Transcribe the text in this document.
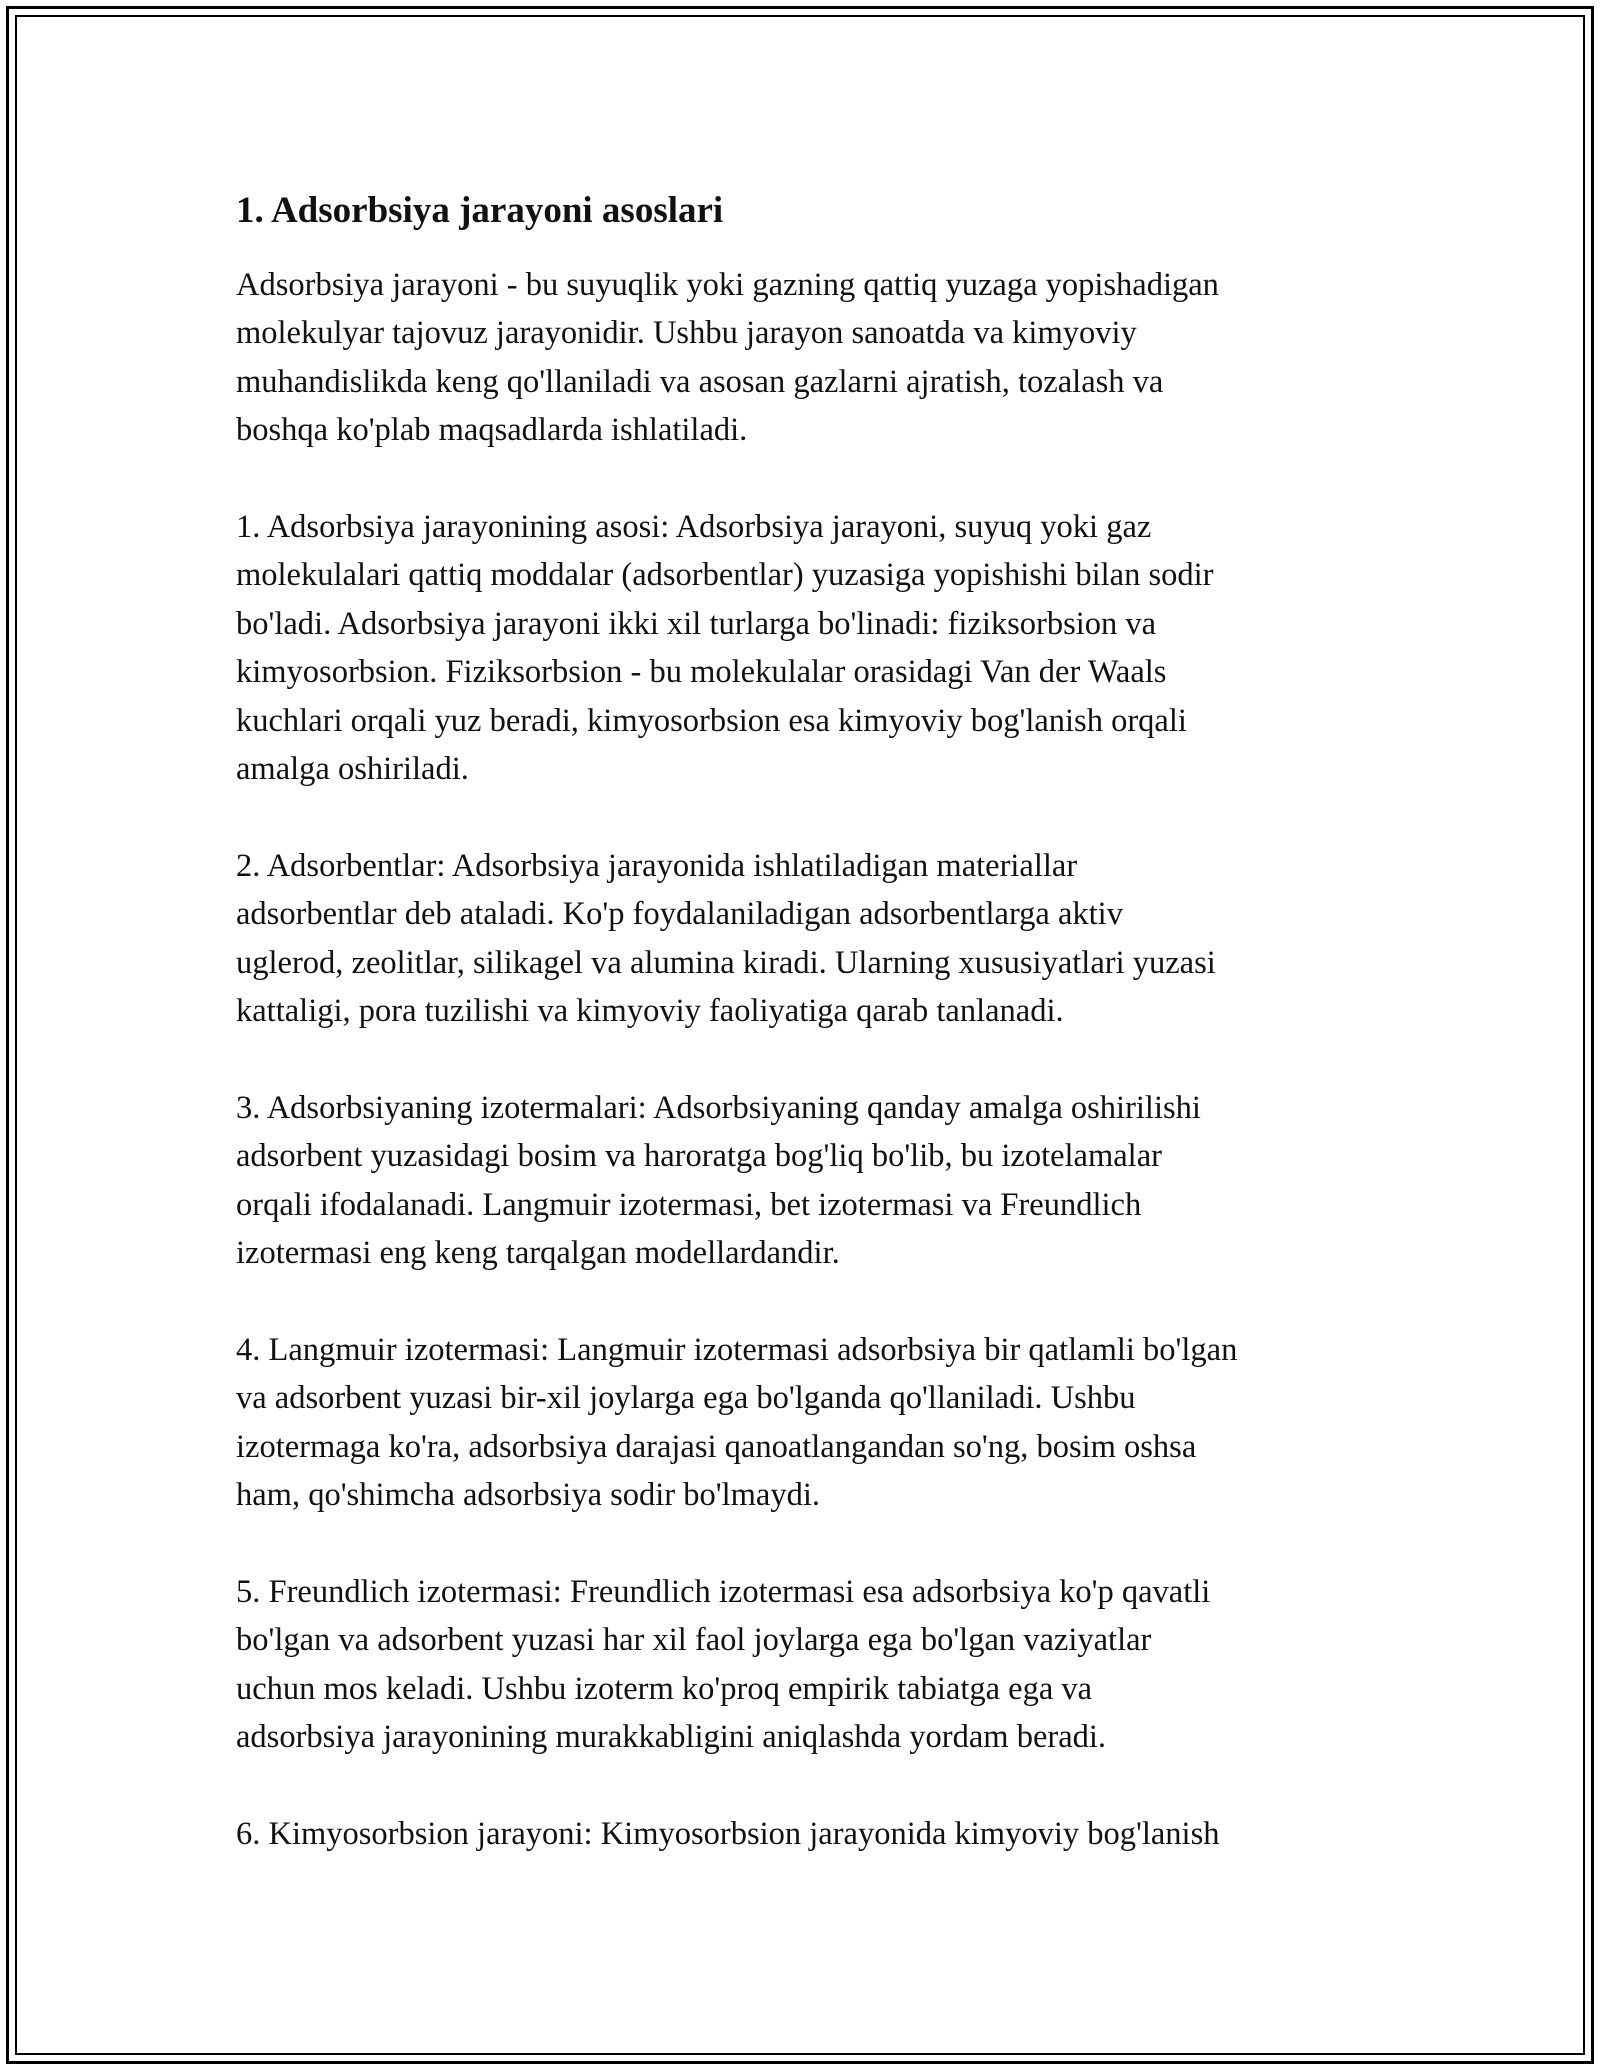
1. Adsorbsiya jarayoni asoslari

Adsorbsiya jarayoni - bu suyuqlik yoki gazning qattiq yuzaga yopishadigan
molekulyar tajovuz jarayonidir. Ushbu jarayon sanoatda va kimyoviy
muhandislikda keng qo'llaniladi va asosan gazlarni ajratish, tozalash va
boshqa ko'plab maqsadlarda ishlatiladi.

1. Adsorbsiya jarayonining asosi: Adsorbsiya jarayoni, suyuq yoki gaz
molekulalari qattiq moddalar (adsorbentlar) yuzasiga yopishishi bilan sodir
bo'ladi. Adsorbsiya jarayoni ikki xil turlarga bo'linadi: fiziksorbsion va
kimyosorbsion. Fiziksorbsion - bu molekulalar orasidagi Van der Waals
kuchlari orqali yuz beradi, kimyosorbsion esa kimyoviy bog'lanish orqali
amalga oshiriladi.

2. Adsorbentlar: Adsorbsiya jarayonida ishlatiladigan materiallar
adsorbentlar deb ataladi. Ko'p foydalaniladigan adsorbentlarga aktiv
uglerod, zeolitlar, silikagel va alumina kiradi. Ularning xususiyatlari yuzasi
kattaligi, pora tuzilishi va kimyoviy faoliyatiga qarab tanlanadi.

3. Adsorbsiyaning izotermalari: Adsorbsiyaning qanday amalga oshirilishi
adsorbent yuzasidagi bosim va haroratga bog'liq bo'lib, bu izotelamalar
orqali ifodalanadi. Langmuir izotermasi, bet izotermasi va Freundlich
izotermasi eng keng tarqalgan modellardandir.

4. Langmuir izotermasi: Langmuir izotermasi adsorbsiya bir qatlamli bo'lgan
va adsorbent yuzasi bir-xil joylarga ega bo'lganda qo'llaniladi. Ushbu
izotermaga ko'ra, adsorbsiya darajasi qanoatlangandan so'ng, bosim oshsa
ham, qo'shimcha adsorbsiya sodir bo'lmaydi.

5. Freundlich izotermasi: Freundlich izotermasi esa adsorbsiya ko'p qavatli
bo'lgan va adsorbent yuzasi har xil faol joylarga ega bo'lgan vaziyatlar
uchun mos keladi. Ushbu izoterm ko'proq empirik tabiatga ega va
adsorbsiya jarayonining murakkabligini aniqlashda yordam beradi.

6. Kimyosorbsion jarayoni: Kimyosorbsion jarayonida kimyoviy bog'lanish
